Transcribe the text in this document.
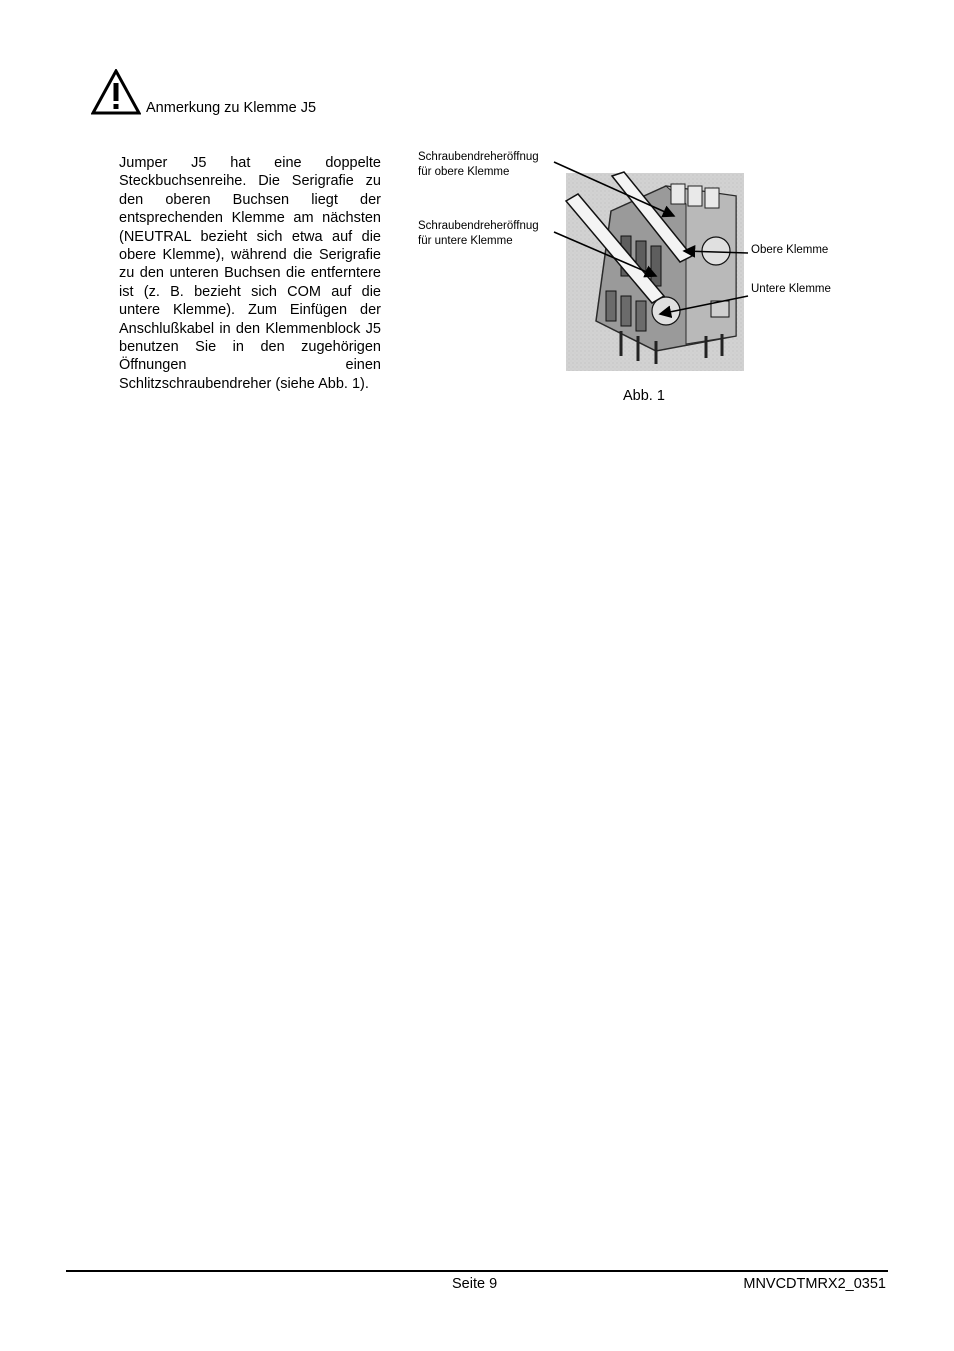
Anmerkung zu Klemme J5

Jumper J5 hat eine doppelte Steckbuchsenreihe. Die Serigrafie zu den oberen Buchsen liegt der entsprechenden Klemme am nächsten (NEUTRAL bezieht sich etwa auf die obere Klemme), während die Serigrafie zu den unteren Buchsen die entferntere ist (z. B. bezieht sich COM auf die untere Klemme). Zum Einfügen der Anschlußkabel in den Klemmenblock J5 benutzen Sie in den zugehörigen Öffnungen einen Schlitzschraubendreher (siehe Abb. 1).

Schraubendreheröffnug
für obere Klemme
Schraubendreheröffnug
für untere Klemme
Obere Klemme
Untere Klemme
Abb. 1
Seite 9	MNVCDTMRX2_0351
